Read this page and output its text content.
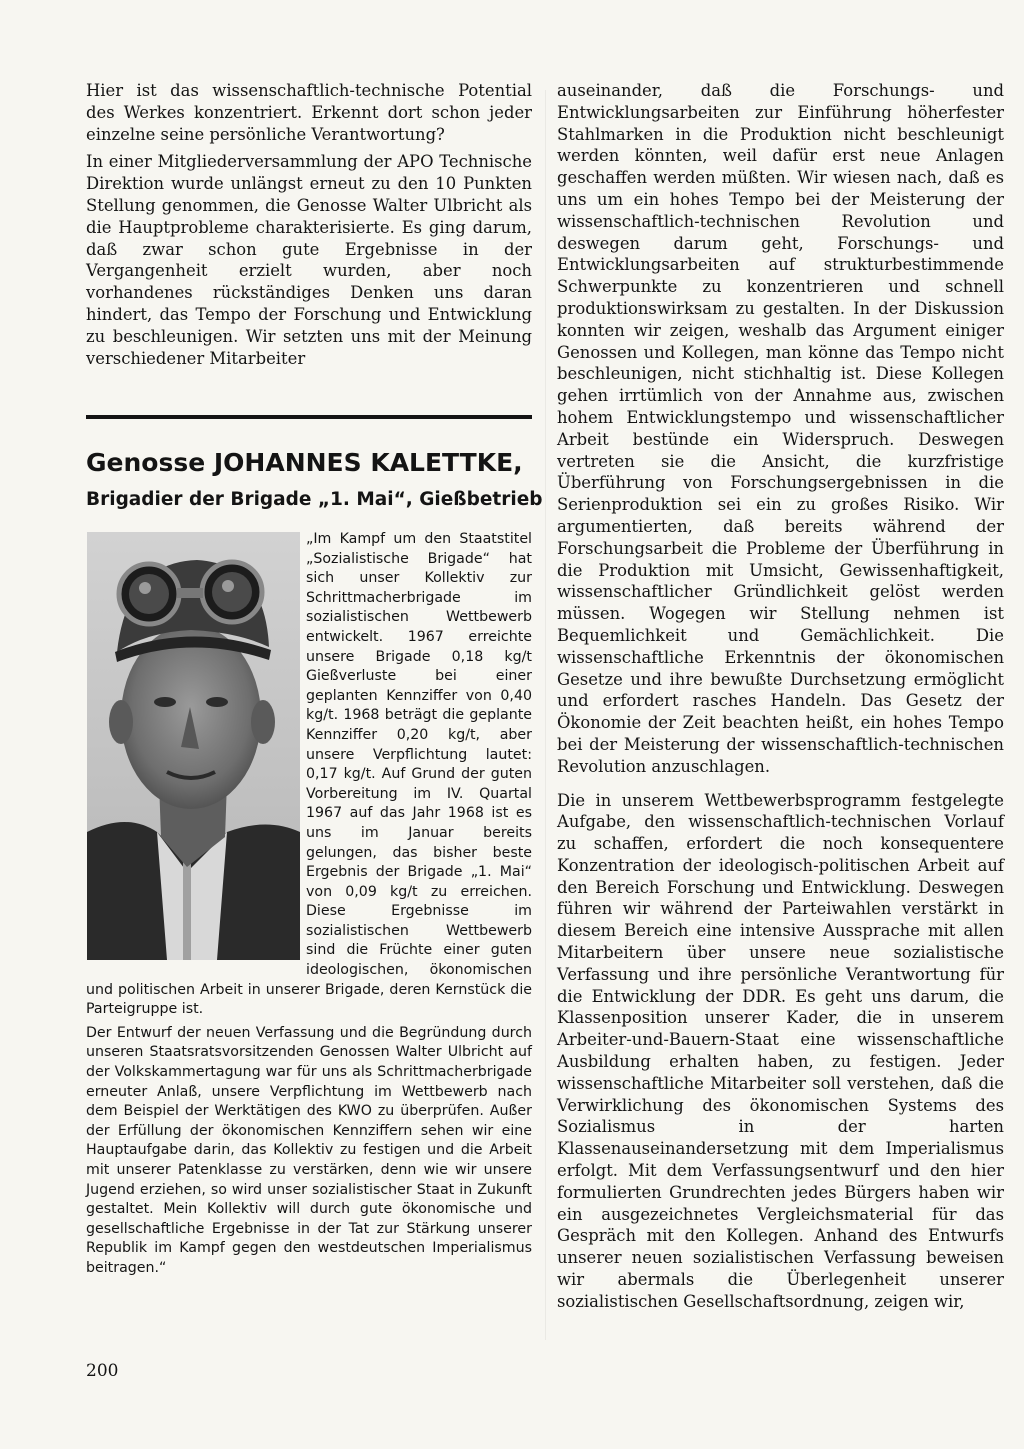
Hier ist das wissenschaftlich-technische Potential des Werkes konzentriert. Erkennt dort schon jeder einzelne seine persönliche Verantwortung?

In einer Mitgliederversammlung der APO Technische Direktion wurde unlängst erneut zu den 10 Punkten Stellung genommen, die Genosse Walter Ulbricht als die Hauptprobleme charakterisierte. Es ging darum, daß zwar schon gute Ergebnisse in der Vergangenheit erzielt wurden, aber noch vorhandenes rückständiges Denken uns daran hindert, das Tempo der Forschung und Entwicklung zu beschleunigen. Wir setzten uns mit der Meinung verschiedener Mitarbeiter

Genosse JOHANNES KALETTKE,
Brigadier der Brigade „1. Mai“, Gießbetrieb

„Im Kampf um den Staatstitel „Sozialistische Brigade“ hat sich unser Kollektiv zur Schrittmacherbrigade im sozialistischen Wettbewerb entwickelt. 1967 erreichte unsere Brigade 0,18 kg/t Gießverluste bei einer geplanten Kennziffer von 0,40 kg/t. 1968 beträgt die geplante Kennziffer 0,20 kg/t, aber unsere Verpflichtung lautet: 0,17 kg/t. Auf Grund der guten Vorbereitung im IV. Quartal 1967 auf das Jahr 1968 ist es uns im Januar bereits gelungen, das bisher beste Ergebnis der Brigade „1. Mai“ von 0,09 kg/t zu erreichen. Diese Ergebnisse im sozialistischen Wettbewerb sind die Früchte einer guten ideologischen, ökonomischen und politischen Arbeit in unserer Brigade, deren Kernstück die Parteigruppe ist.

Der Entwurf der neuen Verfassung und die Begründung durch unseren Staatsratsvorsitzenden Genossen Walter Ulbricht auf der Volkskammertagung war für uns als Schrittmacherbrigade erneuter Anlaß, unsere Verpflichtung im Wettbewerb nach dem Beispiel der Werktätigen des KWO zu überprüfen. Außer der Erfüllung der ökonomischen Kennziffern sehen wir eine Hauptaufgabe darin, das Kollektiv zu festigen und die Arbeit mit unserer Patenklasse zu verstärken, denn wie wir unsere Jugend erziehen, so wird unser sozialistischer Staat in Zukunft gestaltet. Mein Kollektiv will durch gute ökonomische und gesellschaftliche Ergebnisse in der Tat zur Stärkung unserer Republik im Kampf gegen den westdeutschen Imperialismus beitragen.“

200

auseinander, daß die Forschungs- und Entwicklungsarbeiten zur Einführung höherfester Stahlmarken in die Produktion nicht beschleunigt werden könnten, weil dafür erst neue Anlagen geschaffen werden müßten. Wir wiesen nach, daß es uns um ein hohes Tempo bei der Meisterung der wissenschaftlich-technischen Revolution und deswegen darum geht, Forschungs- und Entwicklungsarbeiten auf strukturbestimmende Schwerpunkte zu konzentrieren und schnell produktionswirksam zu gestalten. In der Diskussion konnten wir zeigen, weshalb das Argument einiger Genossen und Kollegen, man könne das Tempo nicht beschleunigen, nicht stichhaltig ist. Diese Kollegen gehen irrtümlich von der Annahme aus, zwischen hohem Entwicklungstempo und wissenschaftlicher Arbeit bestünde ein Widerspruch. Deswegen vertreten sie die Ansicht, die kurzfristige Überführung von Forschungsergebnissen in die Serienproduktion sei ein zu großes Risiko. Wir argumentierten, daß bereits während der Forschungsarbeit die Probleme der Überführung in die Produktion mit Umsicht, Gewissenhaftigkeit, wissenschaftlicher Gründlichkeit gelöst werden müssen. Wogegen wir Stellung nehmen ist Bequemlichkeit und Gemächlichkeit. Die wissenschaftliche Erkenntnis der ökonomischen Gesetze und ihre bewußte Durchsetzung ermöglicht und erfordert rasches Handeln. Das Gesetz der Ökonomie der Zeit beachten heißt, ein hohes Tempo bei der Meisterung der wissenschaftlich-technischen Revolution anzuschlagen.

Die in unserem Wettbewerbsprogramm festgelegte Aufgabe, den wissenschaftlich-technischen Vorlauf zu schaffen, erfordert die noch konsequentere Konzentration der ideologisch-politischen Arbeit auf den Bereich Forschung und Entwicklung. Deswegen führen wir während der Parteiwahlen verstärkt in diesem Bereich eine intensive Aussprache mit allen Mitarbeitern über unsere neue sozialistische Verfassung und ihre persönliche Verantwortung für die Entwicklung der DDR. Es geht uns darum, die Klassenposition unserer Kader, die in unserem Arbeiter-und-Bauern-Staat eine wissenschaftliche Ausbildung erhalten haben, zu festigen. Jeder wissenschaftliche Mitarbeiter soll verstehen, daß die Verwirklichung des ökonomischen Systems des Sozialismus in der harten Klassenauseinandersetzung mit dem Imperialismus erfolgt. Mit dem Verfassungsentwurf und den hier formulierten Grundrechten jedes Bürgers haben wir ein ausgezeichnetes Vergleichsmaterial für das Gespräch mit den Kollegen. Anhand des Entwurfs unserer neuen sozialistischen Verfassung beweisen wir abermals die Überlegenheit unserer sozialistischen Gesellschaftsordnung, zeigen wir,
